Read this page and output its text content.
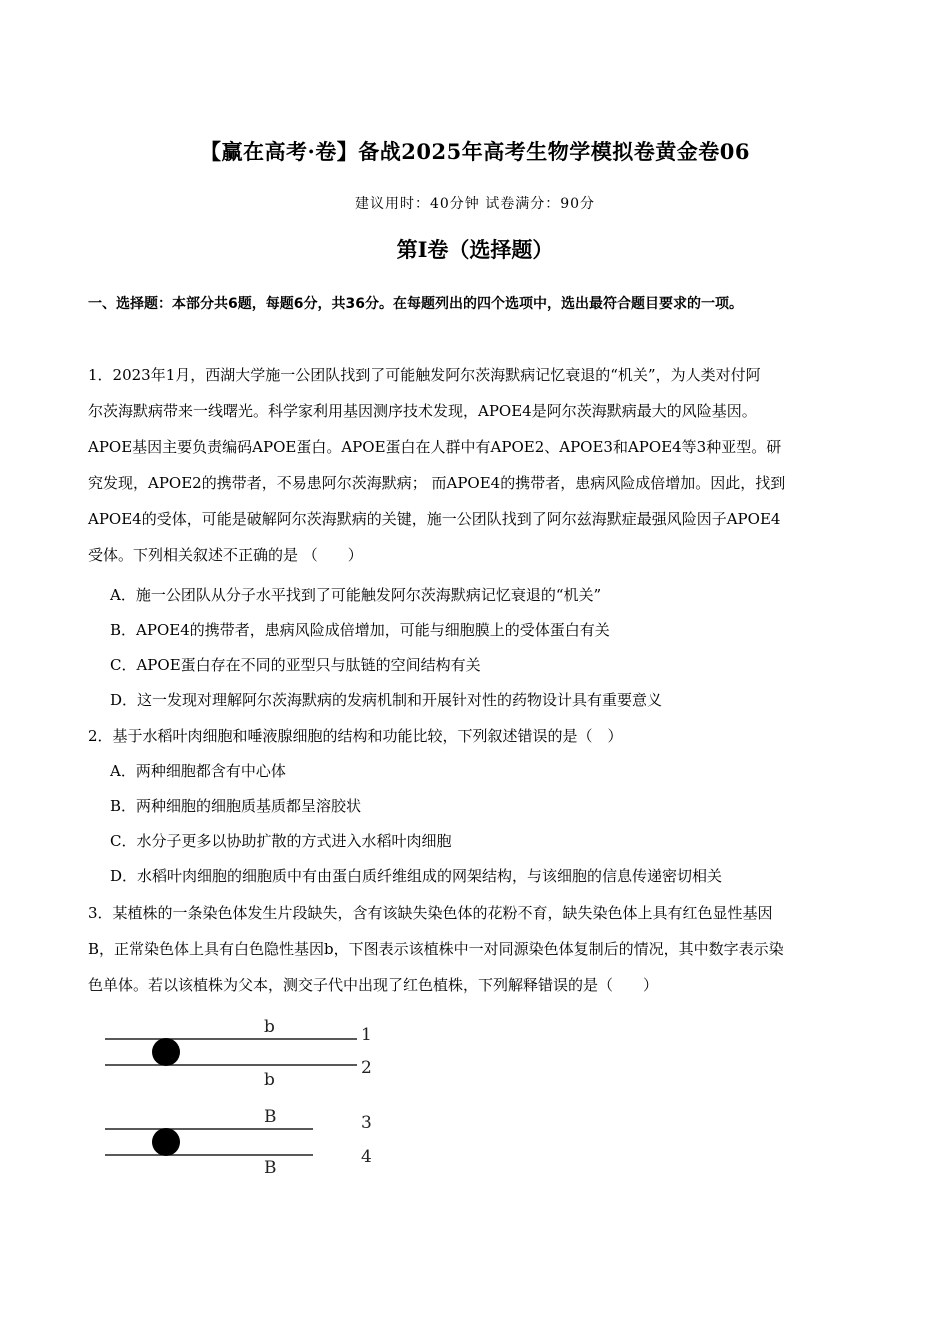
【赢在高考·卷】备战2025年高考生物学模拟卷黄金卷06
建议用时：40分钟 试卷满分：90分
第I卷（选择题）
一、选择题：本部分共6题，每题6分，共36分。在每题列出的四个选项中，选出最符合题目要求的一项。

1．2023年1月，西湖大学施一公团队找到了可能触发阿尔茨海默病记忆衰退的“机关”，为人类对付阿

尔茨海默病带来一线曙光。科学家利用基因测序技术发现，APOE4是阿尔茨海默病最大的风险基因。

APOE基因主要负责编码APOE蛋白。APOE蛋白在人群中有APOE2、APOE3和APOE4等3种亚型。研

究发现，APOE2的携带者，不易患阿尔茨海默病； 而APOE4的携带者，患病风险成倍增加。因此，找到

APOE4的受体，可能是破解阿尔茨海默病的关键，施一公团队找到了阿尔兹海默症最强风险因子APOE4

受体。下列相关叙述不正确的是 （　　）

A．施一公团队从分子水平找到了可能触发阿尔茨海默病记忆衰退的“机关”
B．APOE4的携带者，患病风险成倍增加，可能与细胞膜上的受体蛋白有关
C．APOE蛋白存在不同的亚型只与肽链的空间结构有关
D．这一发现对理解阿尔茨海默病的发病机制和开展针对性的药物设计具有重要意义

2．基于水稻叶肉细胞和唾液腺细胞的结构和功能比较，下列叙述错误的是（　）

A．两种细胞都含有中心体
B．两种细胞的细胞质基质都呈溶胶状
C．水分子更多以协助扩散的方式进入水稻叶肉细胞
D．水稻叶肉细胞的细胞质中有由蛋白质纤维组成的网架结构，与该细胞的信息传递密切相关

3．某植株的一条染色体发生片段缺失，含有该缺失染色体的花粉不育，缺失染色体上具有红色显性基因

B，正常染色体上具有白色隐性基因b，下图表示该植株中一对同源染色体复制后的情况，其中数字表示染

色单体。若以该植株为父本，测交子代中出现了红色植株，下列解释错误的是（　　）

b
b
1
2
B
B
3
4
